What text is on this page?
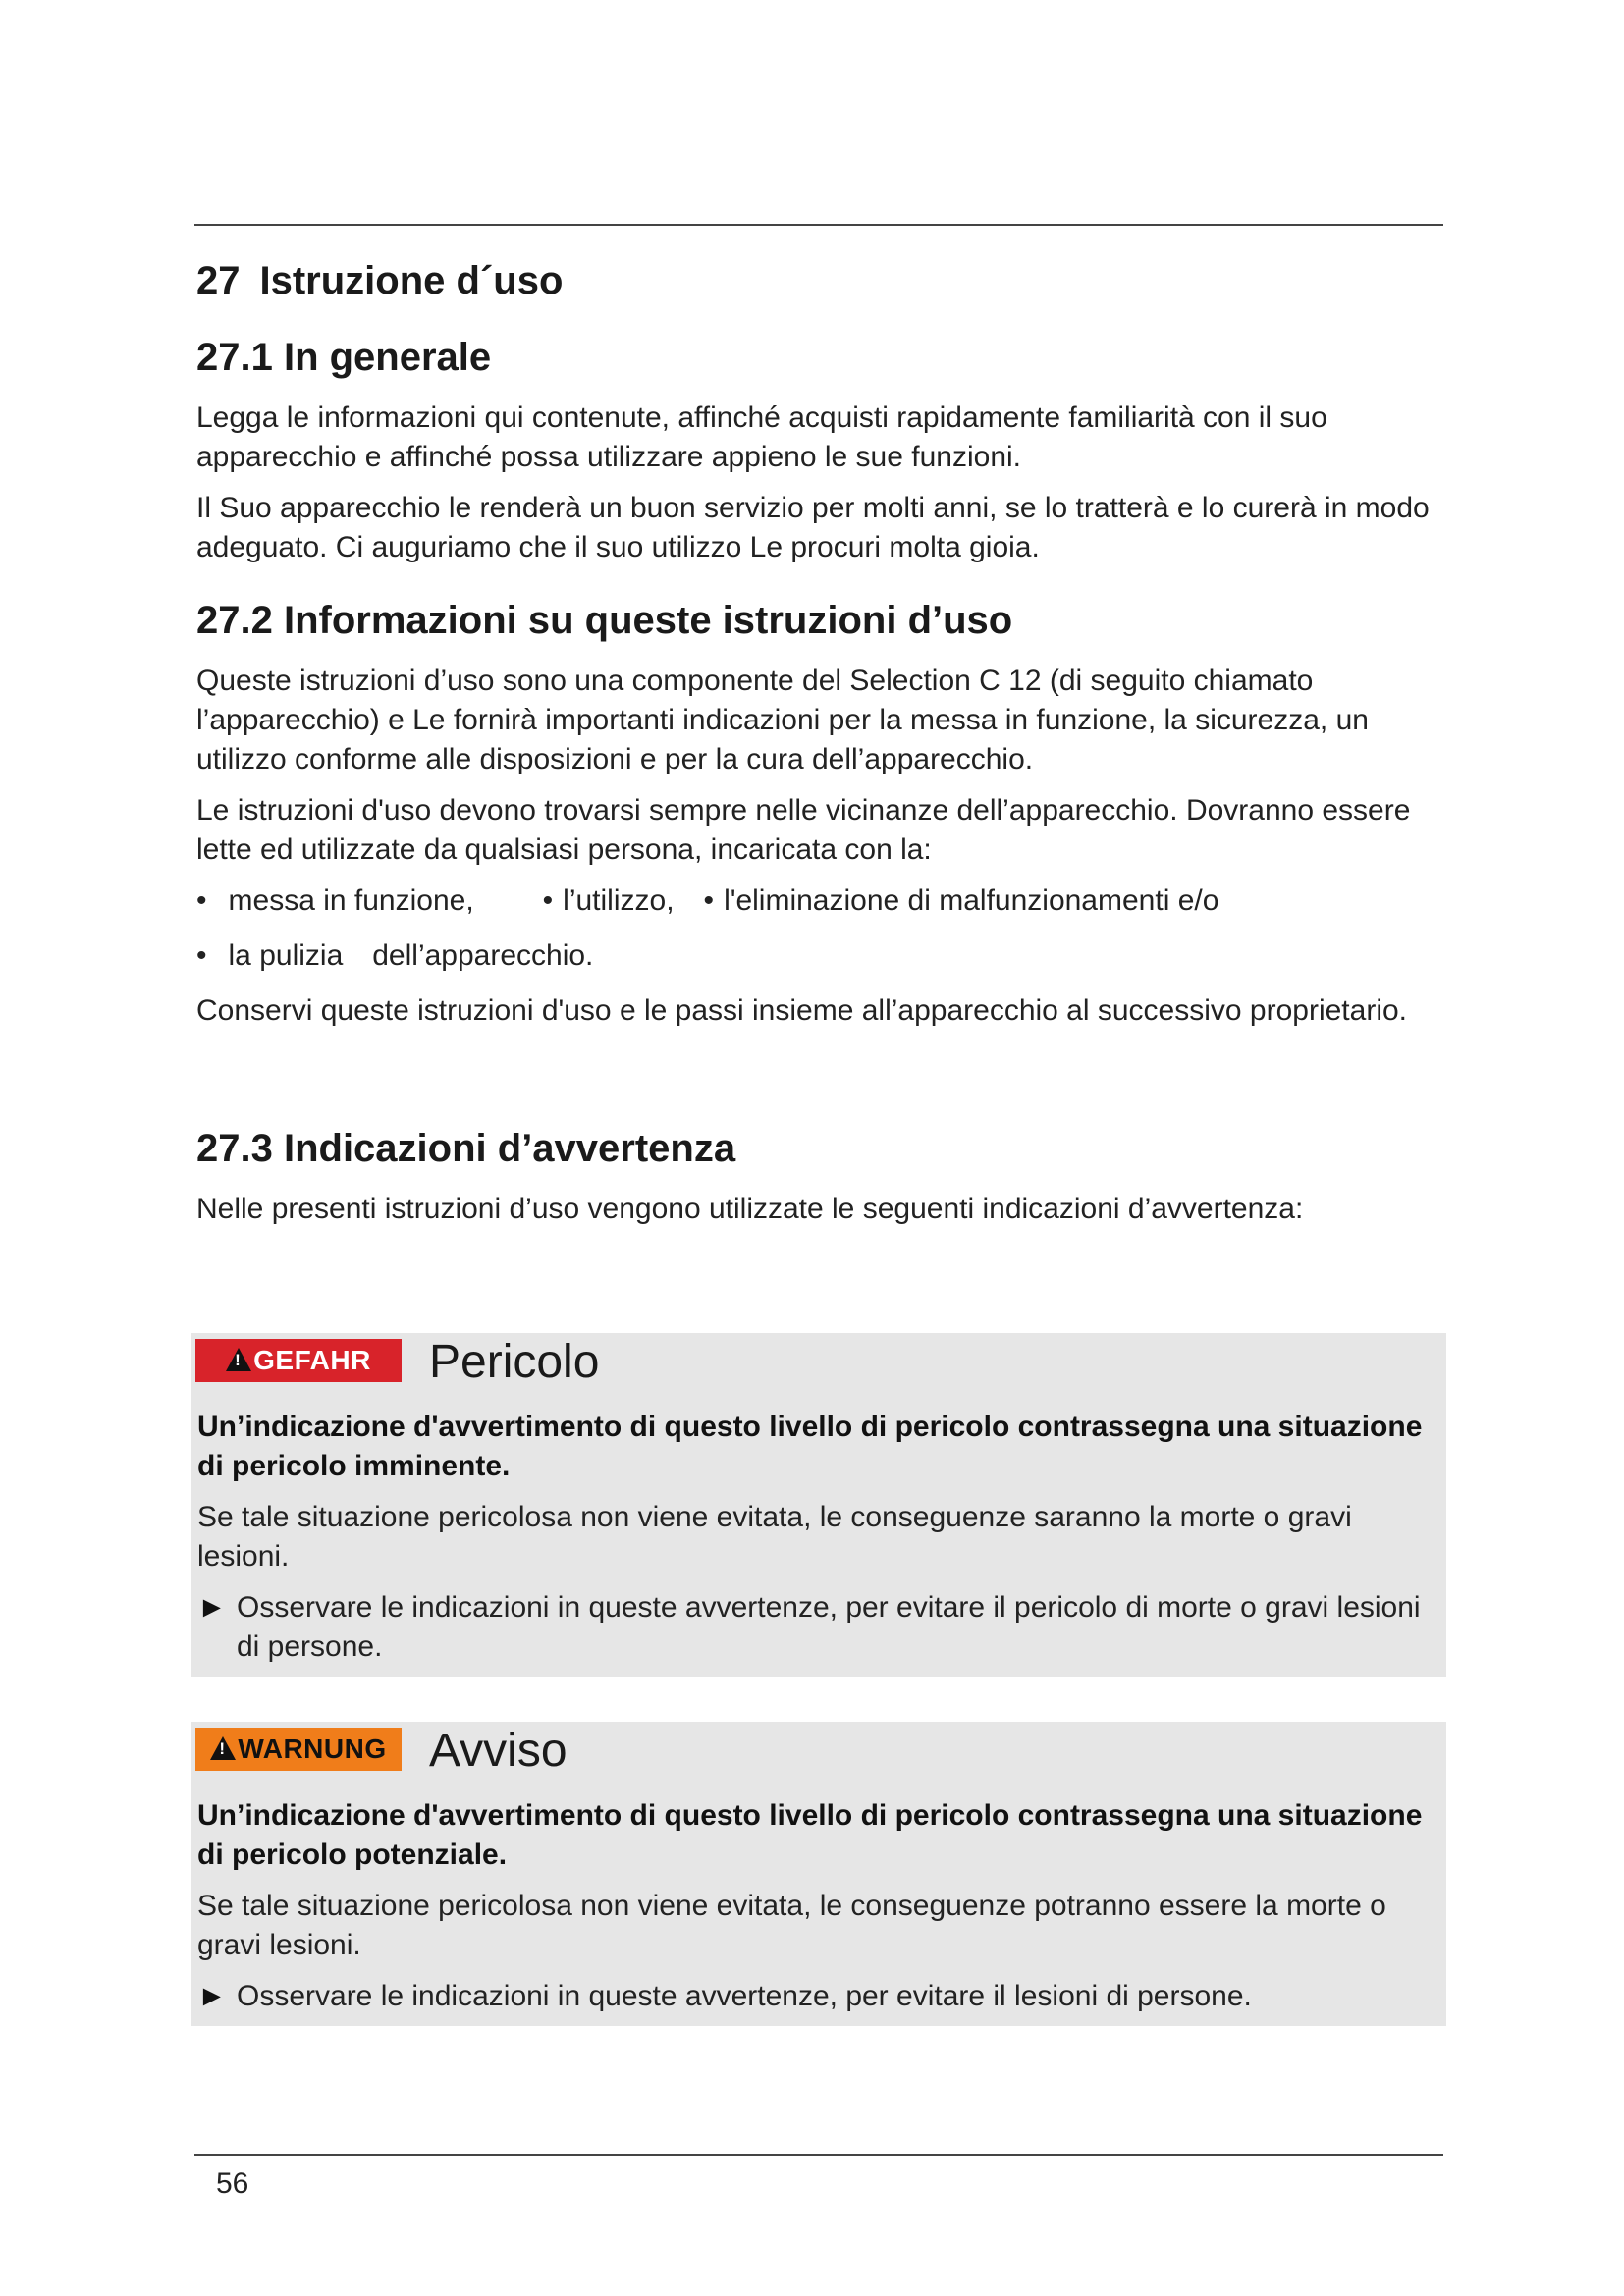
27 Istruzione d´uso
27.1 In generale

Legga le informazioni qui contenute, affinché acquisti rapidamente familiarità con il suo apparecchio e affinché possa utilizzare appieno le sue funzioni.

Il Suo apparecchio le renderà un buon servizio per molti anni, se lo tratterà e lo curerà in modo adeguato. Ci auguriamo che il suo utilizzo Le procuri molta gioia.

27.2 Informazioni su queste istruzioni d’uso

Queste istruzioni d’uso sono una componente del Selection C 12 (di seguito chiamato l’apparecchio) e Le fornirà importanti indicazioni per la messa in funzione, la sicurezza, un utilizzo conforme alle disposizioni e per la cura dell’apparecchio.

Le istruzioni d'uso devono trovarsi sempre nelle vicinanze dell’apparecchio. Dovranno essere lette ed utilizzate da qualsiasi persona, incaricata con la:

• messa in funzione, • l’utilizzo, • l'eliminazione di malfunzionamenti e/o
• la pulizia dell’apparecchio.

Conservi queste istruzioni d'uso e le passi insieme all’apparecchio al successivo proprietario.

27.3 Indicazioni d’avvertenza

Nelle presenti istruzioni d’uso vengono utilizzate le seguenti indicazioni d’avvertenza:

!GEFAHR	Pericolo

Un’indicazione d'avvertimento di questo livello di pericolo contrassegna una situazione di pericolo imminente.

Se tale situazione pericolosa non viene evitata, le conseguenze saranno la morte o gravi lesioni.

► Osservare le indicazioni in queste avvertenze, per evitare il pericolo di morte o gravi lesioni di persone.

!WARNUNG Avviso

Un’indicazione d'avvertimento di questo livello di pericolo contrassegna una situazione di pericolo potenziale.

Se tale situazione pericolosa non viene evitata, le conseguenze potranno essere la morte o gravi lesioni.

► Osservare le indicazioni in queste avvertenze, per evitare il lesioni di persone.

56
